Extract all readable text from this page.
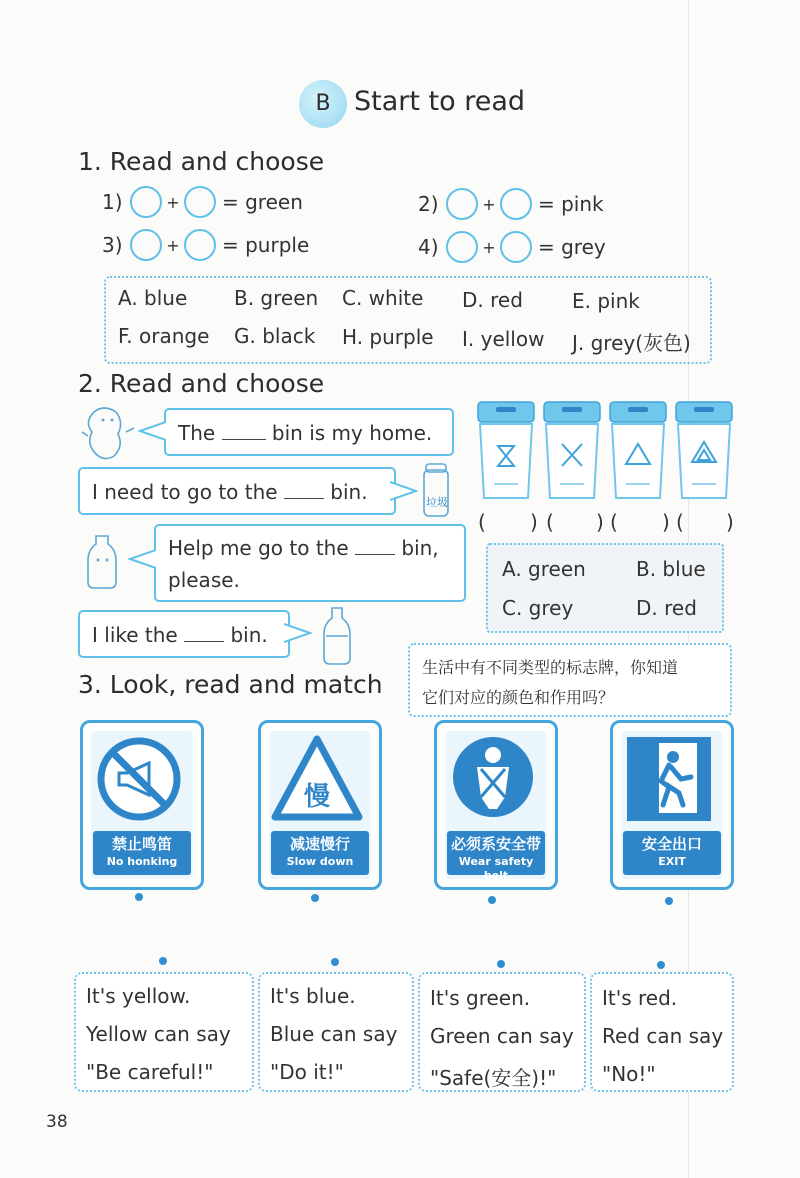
B Start to read
1. Read and choose
1)	+ = green	2)	+ = pink
3)	+ = purple	4)	+ = grey
A. blue B. green C. white D. red E. pink
F. orange G. black H. purple I. yellow J. grey(灰色)
2. Read and choose
垃圾
The	bin is my home.
I need to go to the	bin.
Help me go to the	bin,
please.
I like the	bin.
( ) ( ) ( ) ( )
A. green	B. blue
C. grey	D. red
生活中有不同类型的标志牌，你知道
它们对应的颜色和作用吗？
3. Look, read and match
禁止鸣笛
No honking
慢
减速慢行
Slow down
必须系安全带
Wear safety belt
安全出口
EXIT
It's yellow.
Yellow can say
"Be careful!"
It's blue.
Blue can say
"Do it!"
It's green.
Green can say
"Safe(安全)!"
It's red.
Red can say
"No!"
38
